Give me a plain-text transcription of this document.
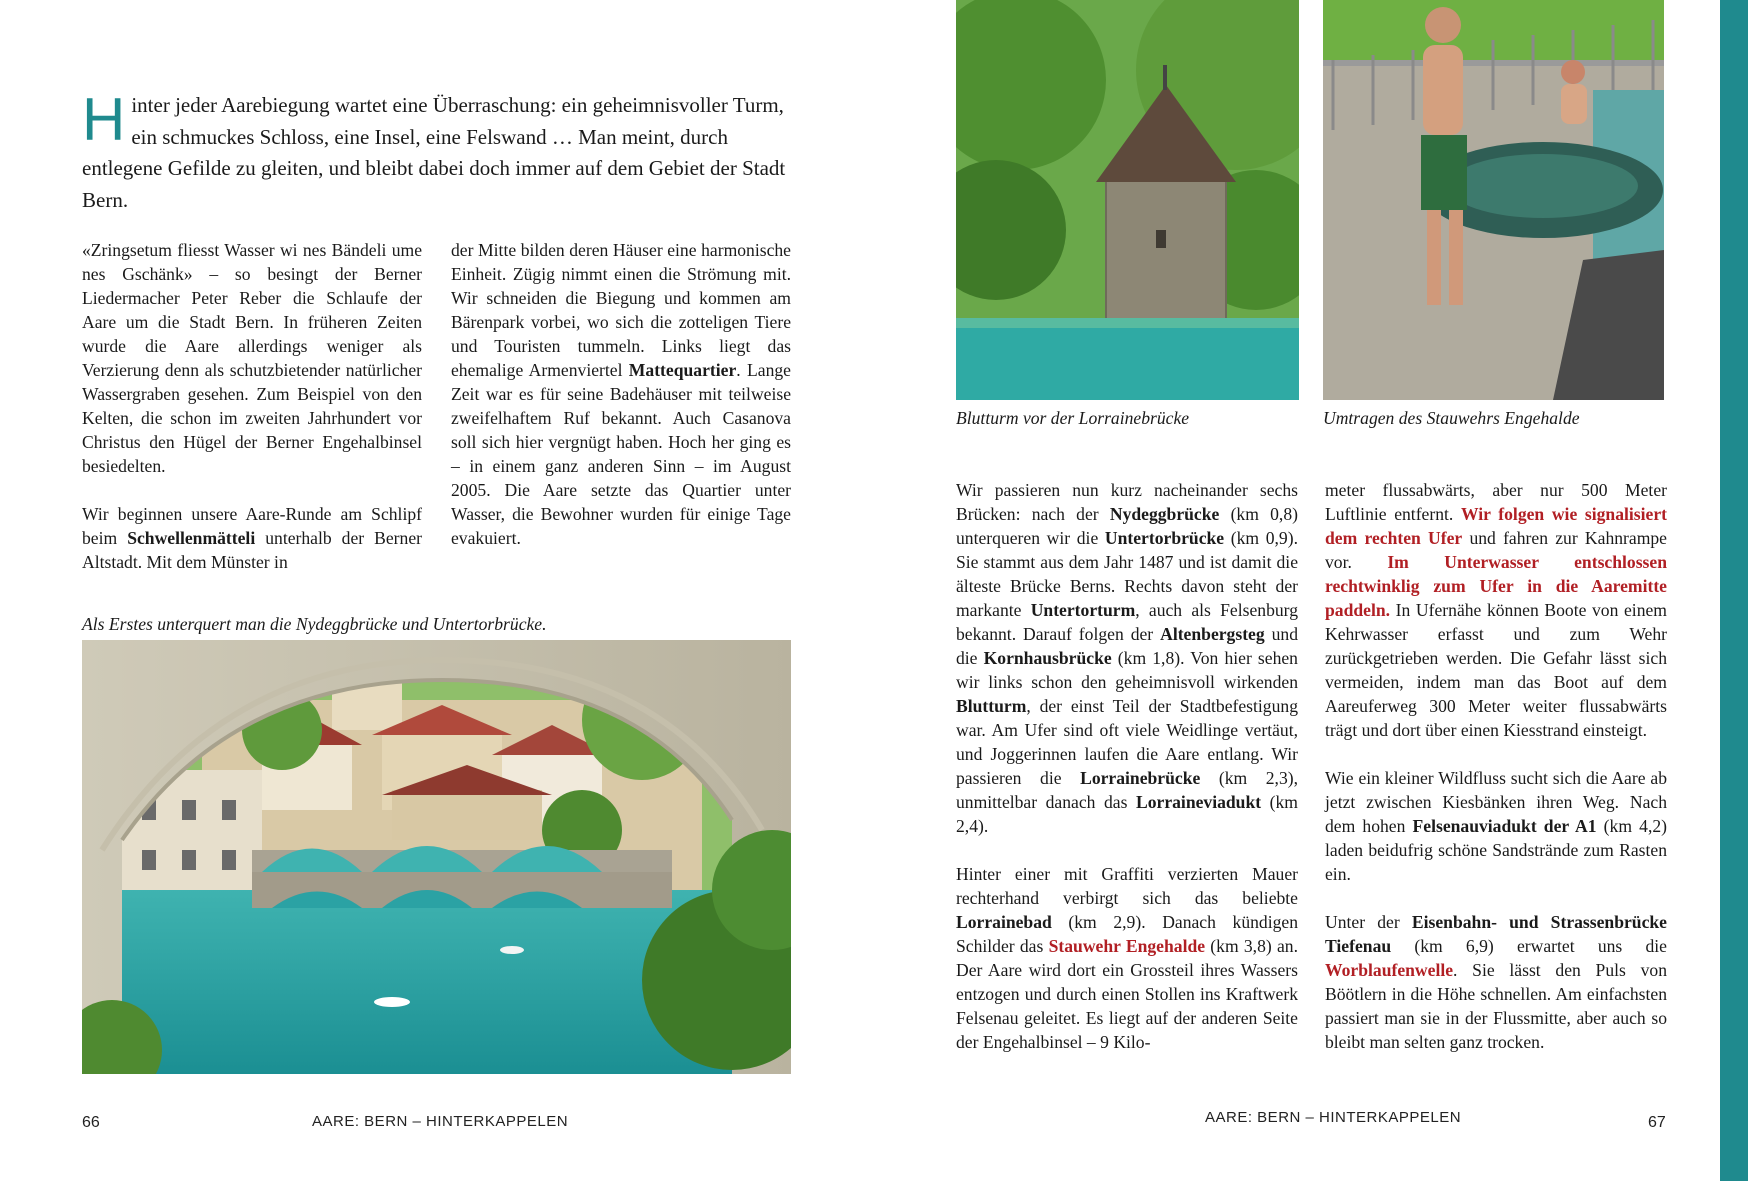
Hinter jeder Aarebiegung wartet eine Überraschung: ein geheimnisvoller Turm, ein schmuckes Schloss, eine Insel, eine Felswand … Man meint, durch entlegene Gefilde zu gleiten, und bleibt dabei doch immer auf dem Gebiet der Stadt Bern.

«Zringsetum fliesst Wasser wi nes Bändeli ume nes Gschänk» – so besingt der Berner Liedermacher Peter Reber die Schlaufe der Aare um die Stadt Bern. In früheren Zeiten wurde die Aare allerdings weniger als Verzierung denn als schutzbietender natürlicher Wassergraben gesehen. Zum Beispiel von den Kelten, die schon im zweiten Jahrhundert vor Christus den Hügel der Berner Engehalbinsel besiedelten.

Wir beginnen unsere Aare-Runde am Schlipf beim Schwellenmätteli unterhalb der Berner Altstadt. Mit dem Münster in

der Mitte bilden deren Häuser eine harmonische Einheit. Zügig nimmt einen die Strömung mit. Wir schneiden die Biegung und kommen am Bärenpark vorbei, wo sich die zotteligen Tiere und Touristen tummeln. Links liegt das ehemalige Armenviertel Mattequartier. Lange Zeit war es für seine Badehäuser mit teilweise zweifelhaftem Ruf bekannt. Auch Casanova soll sich hier vergnügt haben. Hoch her ging es – in einem ganz anderen Sinn – im August 2005. Die Aare setzte das Quartier unter Wasser, die Bewohner wurden für einige Tage evakuiert.

Als Erstes unterquert man die Nydeggbrücke und Untertorbrücke.
66	AARE: BERN – HINTERKAPPELEN
Blutturm vor der Lorrainebrücke	Umtragen des Stauwehrs Engehalde

Wir passieren nun kurz nacheinander sechs Brücken: nach der Nydeggbrücke (km 0,8) unterqueren wir die Untertorbrücke (km 0,9). Sie stammt aus dem Jahr 1487 und ist damit die älteste Brücke Berns. Rechts davon steht der markante Untertorturm, auch als Felsenburg bekannt. Darauf folgen der Altenbergsteg und die Kornhausbrücke (km 1,8). Von hier sehen wir links schon den geheimnisvoll wirkenden Blutturm, der einst Teil der Stadtbefestigung war. Am Ufer sind oft viele Weidlinge vertäut, und Joggerinnen laufen die Aare entlang. Wir passieren die Lorrainebrücke (km 2,3), unmittelbar danach das Lorraineviadukt (km 2,4).

Hinter einer mit Graffiti verzierten Mauer rechterhand verbirgt sich das beliebte Lorrainebad (km 2,9). Danach kündigen Schilder das Stauwehr Engehalde (km 3,8) an. Der Aare wird dort ein Grossteil ihres Wassers entzogen und durch einen Stollen ins Kraftwerk Felsenau geleitet. Es liegt auf der anderen Seite der Engehalbinsel – 9 Kilo-

meter flussabwärts, aber nur 500 Meter Luftlinie entfernt. Wir folgen wie signalisiert dem rechten Ufer und fahren zur Kahnrampe vor. Im Unterwasser entschlossen rechtwinklig zum Ufer in die Aaremitte paddeln. In Ufernähe können Boote von einem Kehrwasser erfasst und zum Wehr zurückgetrieben werden. Die Gefahr lässt sich vermeiden, indem man das Boot auf dem Aareuferweg 300 Meter weiter flussabwärts trägt und dort über einen Kiesstrand einsteigt.

Wie ein kleiner Wildfluss sucht sich die Aare ab jetzt zwischen Kiesbänken ihren Weg. Nach dem hohen Felsenauviadukt der A1 (km 4,2) laden beidufrig schöne Sandstrände zum Rasten ein.

Unter der Eisenbahn- und Strassenbrücke Tiefenau (km 6,9) erwartet uns die Worblaufenwelle. Sie lässt den Puls von Böötlern in die Höhe schnellen. Am einfachsten passiert man sie in der Flussmitte, aber auch so bleibt man selten ganz trocken.

AARE: BERN – HINTERKAPPELEN	67
